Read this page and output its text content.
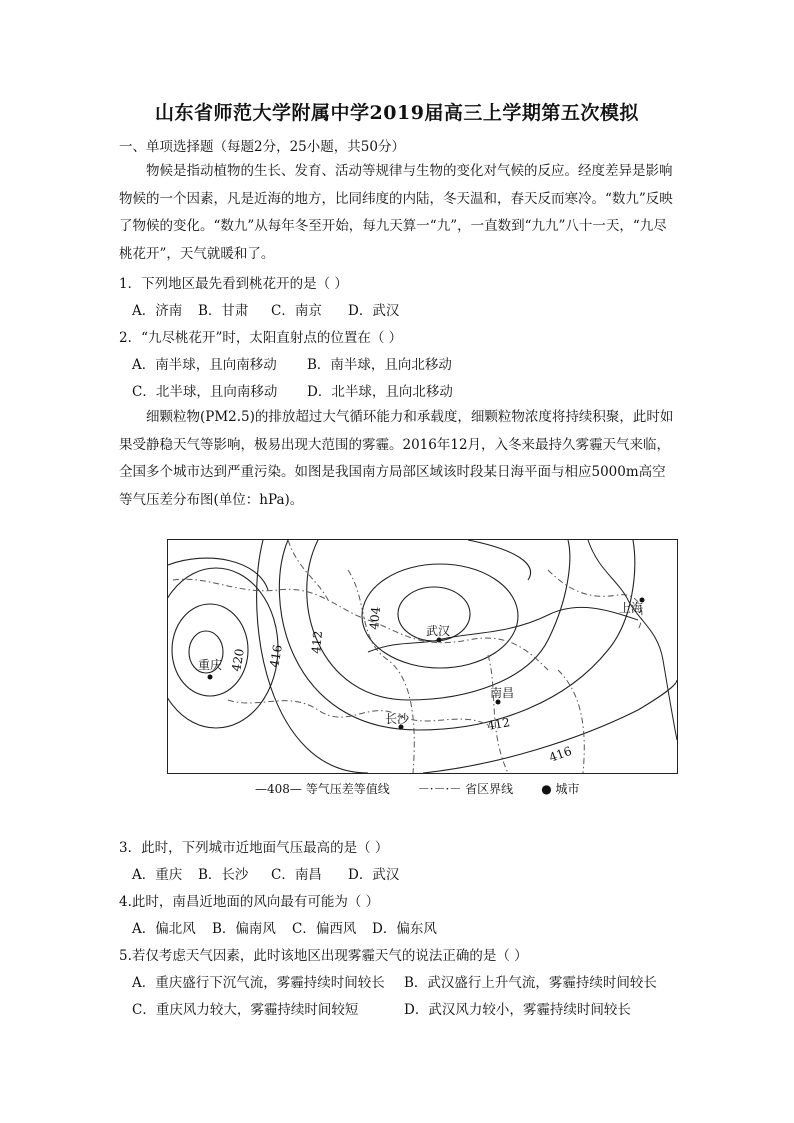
山东省师范大学附属中学2019届高三上学期第五次模拟
一、单项选择题（每题2分，25小题，共50分）

物候是指动植物的生长、发育、活动等规律与生物的变化对气候的反应。经度差异是影响物候的一个因素，凡是近海的地方，比同纬度的内陆，冬天温和，春天反而寒冷。“数九”反映了物候的变化。“数九”从每年冬至开始，每九天算一“九”，一直数到“九九”八十一天，“九尽桃花开”，天气就暖和了。

1．下列地区最先看到桃花开的是（ ）
A．济南 B．甘肃 C．南京 D．武汉
2．“九尽桃花开”时，太阳直射点的位置在（ ）
A．南半球，且向南移动 B．南半球，且向北移动
C．北半球，且向南移动 D．北半球，且向北移动

细颗粒物(PM2.5)的排放超过大气循环能力和承载度，细颗粒物浓度将持续积聚，此时如果受静稳天气等影响，极易出现大范围的雾霾。2016年12月，入冬来最持久雾霾天气来临，全国多个城市达到严重污染。如图是我国南方局部区域该时段某日海平面与相应5000m高空等气压差分布图(单位：hPa)。

重庆
武汉
上海
南昌
长沙
420 416
412
404
412
416
—408— 等气压差等值线 －·－·－ 省区界线 ● 城市
3．此时，下列城市近地面气压最高的是（ ）
A．重庆 B．长沙 C．南昌 D．武汉
4.此时，南昌近地面的风向最有可能为（ ）
A．偏北风 B．偏南风 C．偏西风 D．偏东风
5.若仅考虑天气因素，此时该地区出现雾霾天气的说法正确的是（ ）
A．重庆盛行下沉气流，雾霾持续时间较长 B．武汉盛行上升气流，雾霾持续时间较长
C．重庆风力较大，雾霾持续时间较短	D．武汉风力较小，雾霾持续时间较长
